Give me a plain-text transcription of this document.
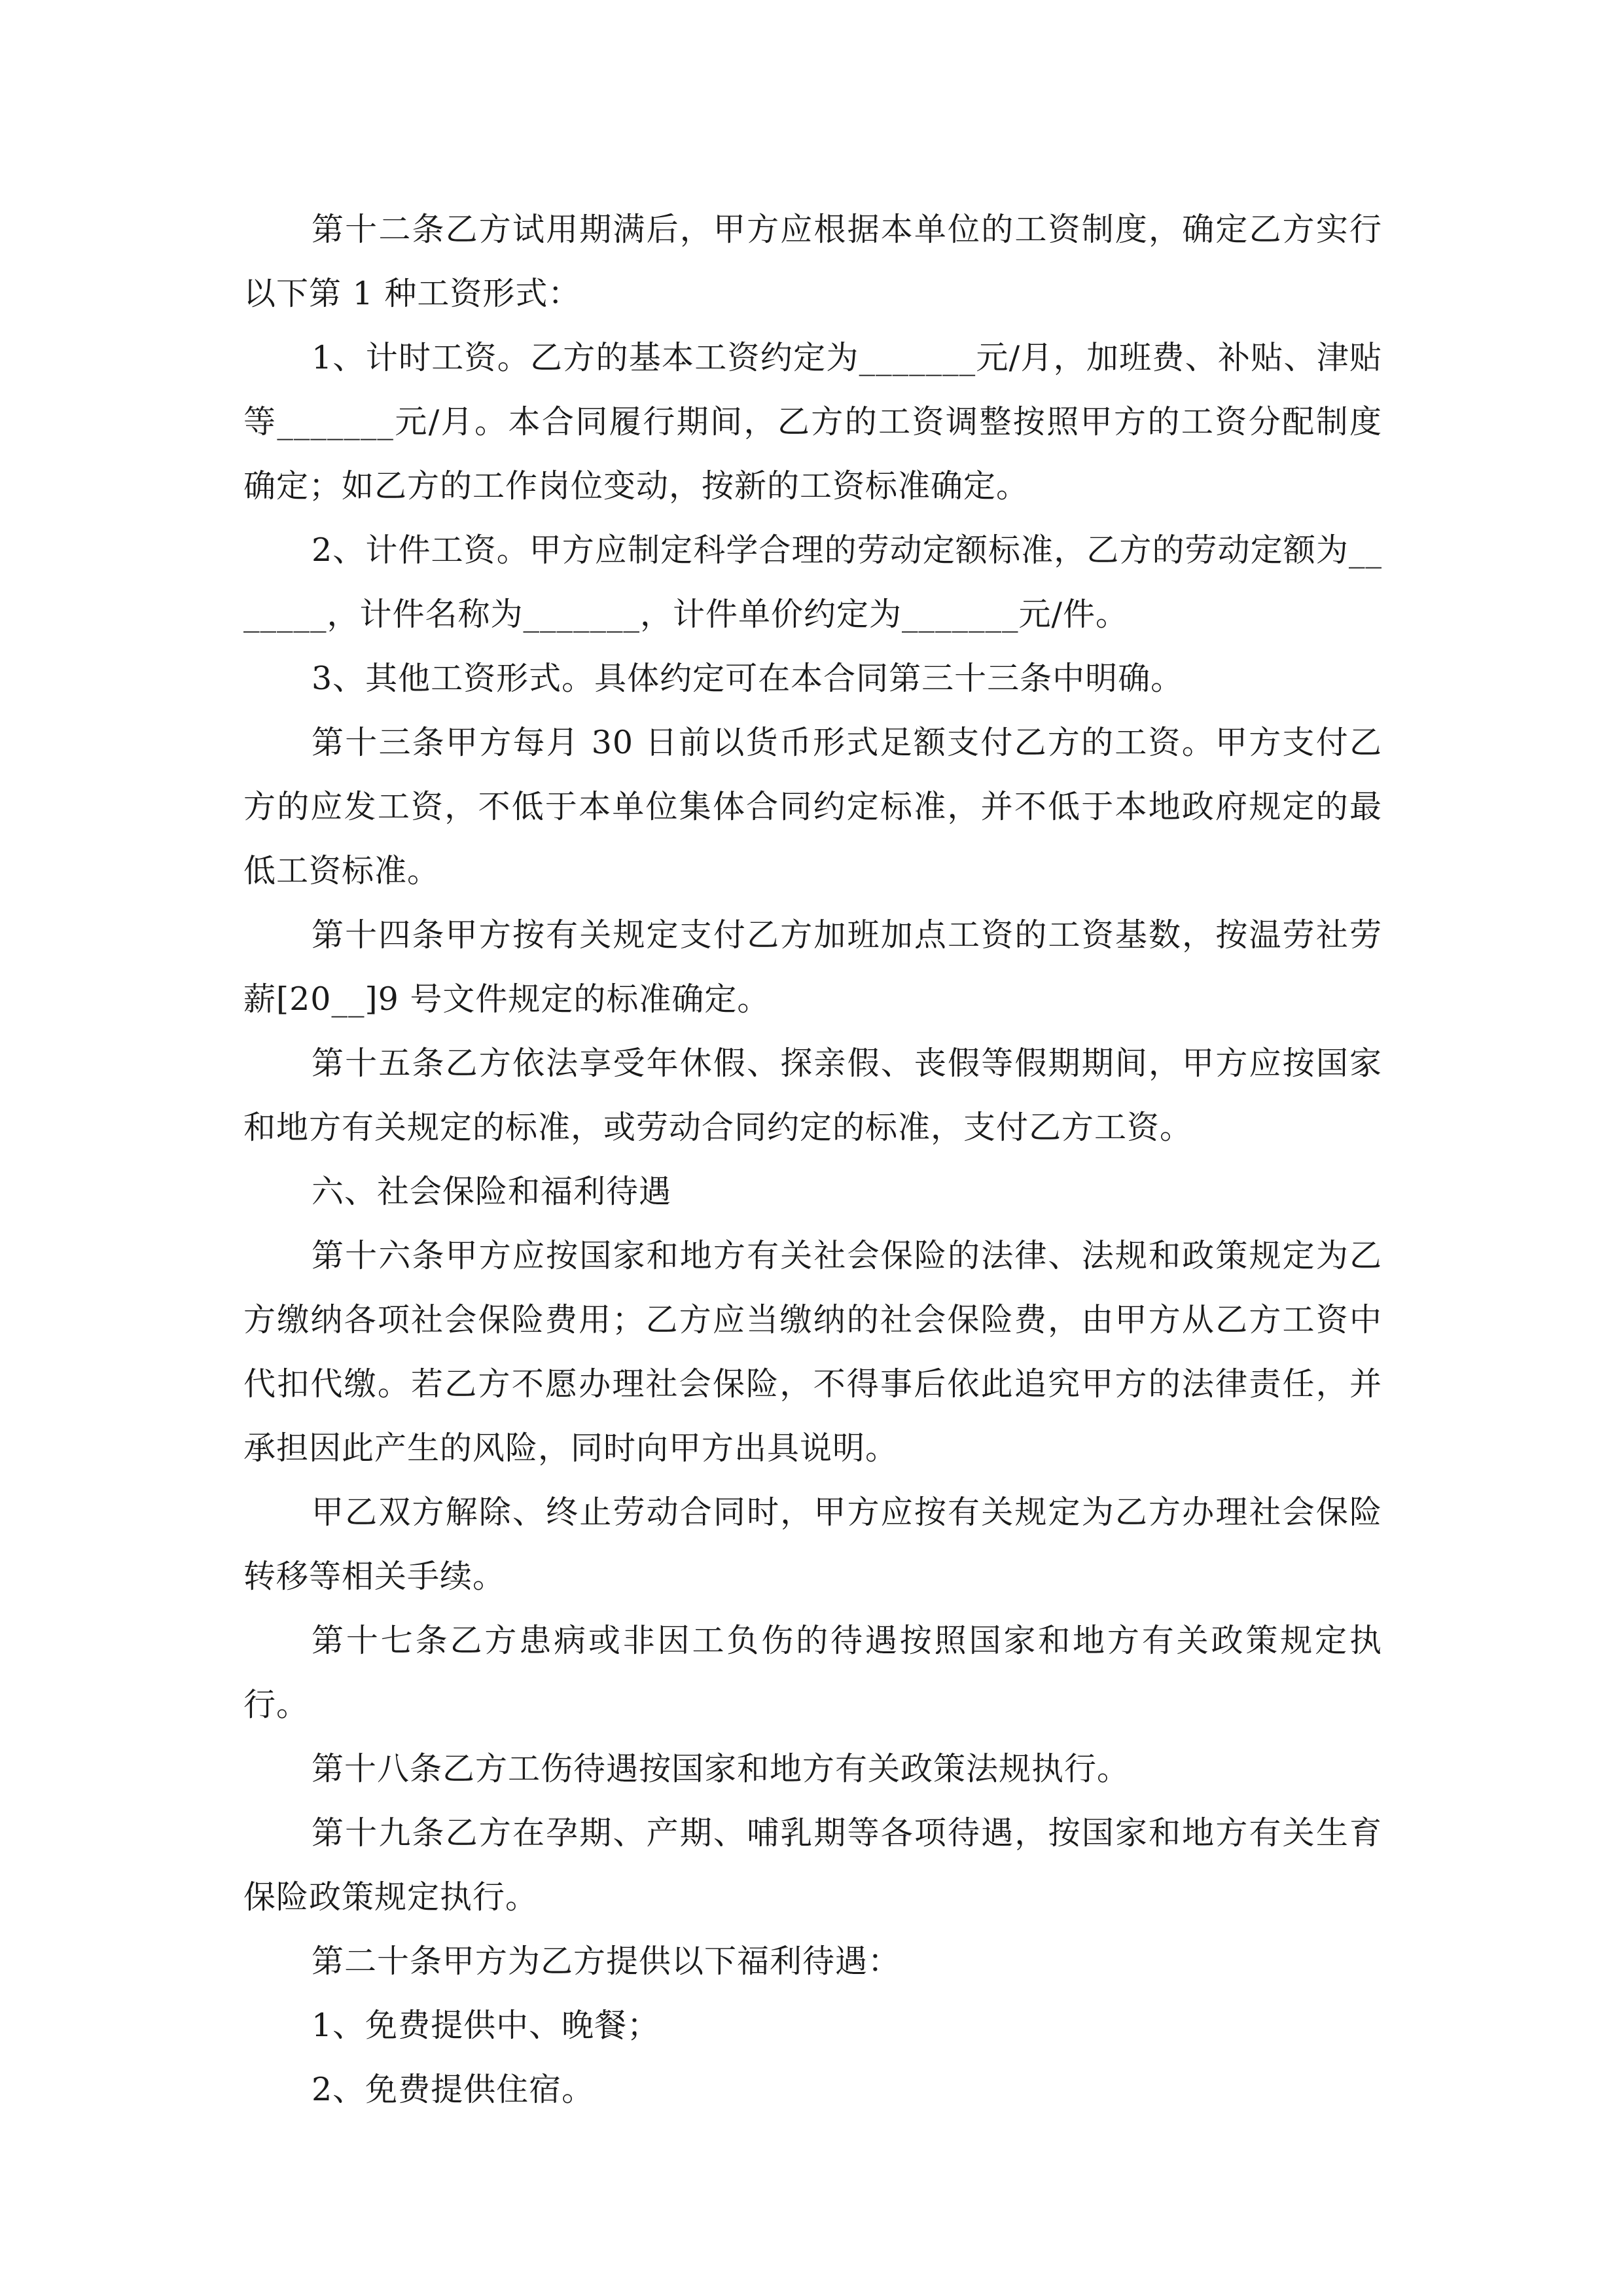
第十二条乙方试用期满后，甲方应根据本单位的工资制度，确定乙方实行以下第 1 种工资形式：

1、计时工资。乙方的基本工资约定为_______元/月，加班费、补贴、津贴等_______元/月。本合同履行期间，乙方的工资调整按照甲方的工资分配制度确定；如乙方的工作岗位变动，按新的工资标准确定。

2、计件工资。甲方应制定科学合理的劳动定额标准，乙方的劳动定额为_______，计件名称为_______，计件单价约定为_______元/件。

3、其他工资形式。具体约定可在本合同第三十三条中明确。

第十三条甲方每月 30 日前以货币形式足额支付乙方的工资。甲方支付乙方的应发工资，不低于本单位集体合同约定标准，并不低于本地政府规定的最低工资标准。

第十四条甲方按有关规定支付乙方加班加点工资的工资基数，按温劳社劳薪[20__]9 号文件规定的标准确定。

第十五条乙方依法享受年休假、探亲假、丧假等假期期间，甲方应按国家和地方有关规定的标准，或劳动合同约定的标准，支付乙方工资。

六、社会保险和福利待遇

第十六条甲方应按国家和地方有关社会保险的法律、法规和政策规定为乙方缴纳各项社会保险费用；乙方应当缴纳的社会保险费，由甲方从乙方工资中代扣代缴。若乙方不愿办理社会保险，不得事后依此追究甲方的法律责任，并承担因此产生的风险，同时向甲方出具说明。

甲乙双方解除、终止劳动合同时，甲方应按有关规定为乙方办理社会保险转移等相关手续。

第十七条乙方患病或非因工负伤的待遇按照国家和地方有关政策规定执行。

第十八条乙方工伤待遇按国家和地方有关政策法规执行。

第十九条乙方在孕期、产期、哺乳期等各项待遇，按国家和地方有关生育保险政策规定执行。

第二十条甲方为乙方提供以下福利待遇：

1、免费提供中、晚餐；

2、免费提供住宿。
